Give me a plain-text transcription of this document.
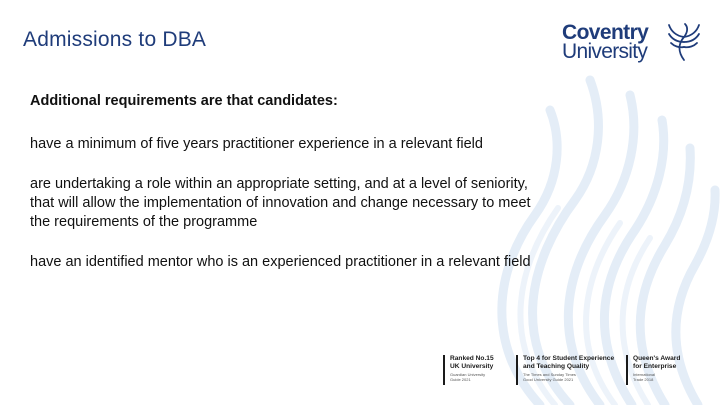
Admissions to DBA	Coventry
University

Additional requirements are that candidates:

have a minimum of five years practitioner experience in a relevant field

are undertaking a role within an appropriate setting, and at a level of seniority, that will allow the implementation of innovation and change necessary to meet the requirements of the programme

have an identified mentor who is an experienced practitioner in a relevant field

Ranked No.15
UK University
Guardian University
Guide 2021
Top 4 for Student Experience
and Teaching Quality
The Times and Sunday Times
Good University Guide 2021
Queen's Award
for Enterprise
International
Trade 2018
